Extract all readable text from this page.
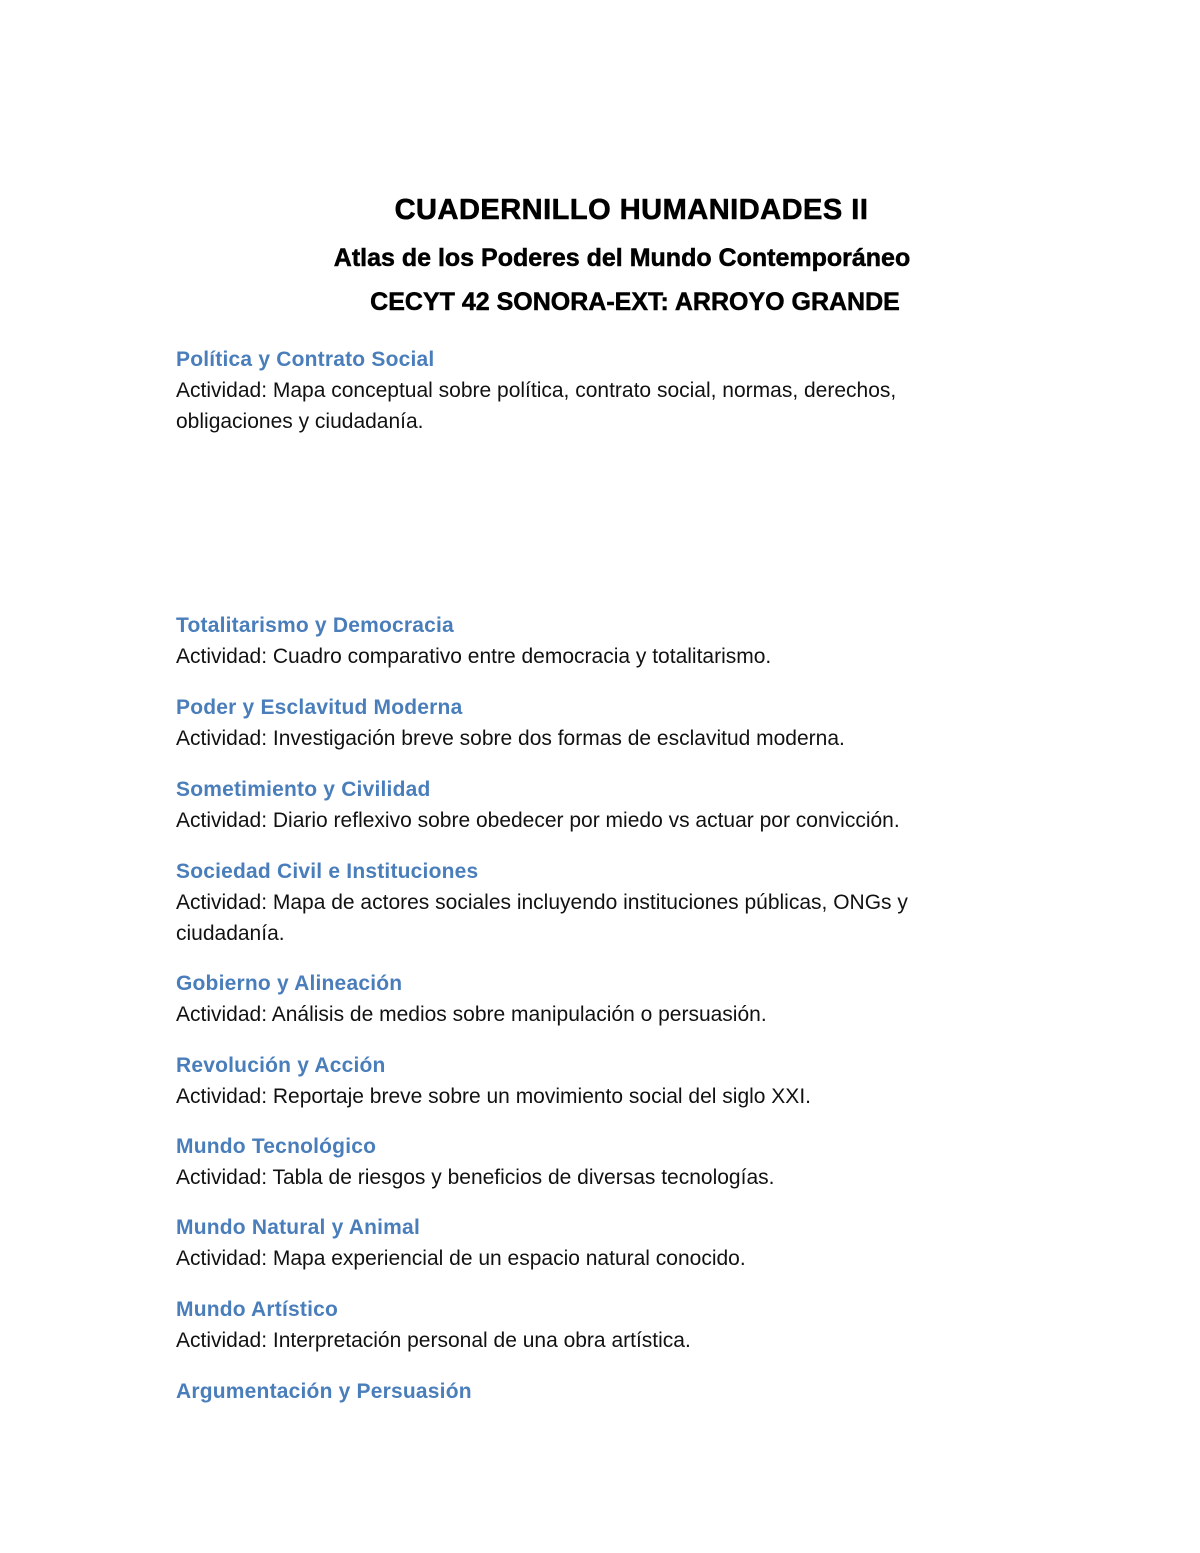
CUADERNILLO HUMANIDADES II
Atlas de los Poderes del Mundo Contemporáneo
CECYT 42 SONORA-EXT: ARROYO GRANDE

Política y Contrato Social

Actividad: Mapa conceptual sobre política, contrato social, normas, derechos, obligaciones y ciudadanía.

Totalitarismo y Democracia

Actividad: Cuadro comparativo entre democracia y totalitarismo.

Poder y Esclavitud Moderna

Actividad: Investigación breve sobre dos formas de esclavitud moderna.

Sometimiento y Civilidad

Actividad: Diario reflexivo sobre obedecer por miedo vs actuar por convicción.

Sociedad Civil e Instituciones

Actividad: Mapa de actores sociales incluyendo instituciones públicas, ONGs y ciudadanía.

Gobierno y Alineación

Actividad: Análisis de medios sobre manipulación o persuasión.

Revolución y Acción

Actividad: Reportaje breve sobre un movimiento social del siglo XXI.

Mundo Tecnológico

Actividad: Tabla de riesgos y beneficios de diversas tecnologías.

Mundo Natural y Animal

Actividad: Mapa experiencial de un espacio natural conocido.

Mundo Artístico

Actividad: Interpretación personal de una obra artística.

Argumentación y Persuasión
